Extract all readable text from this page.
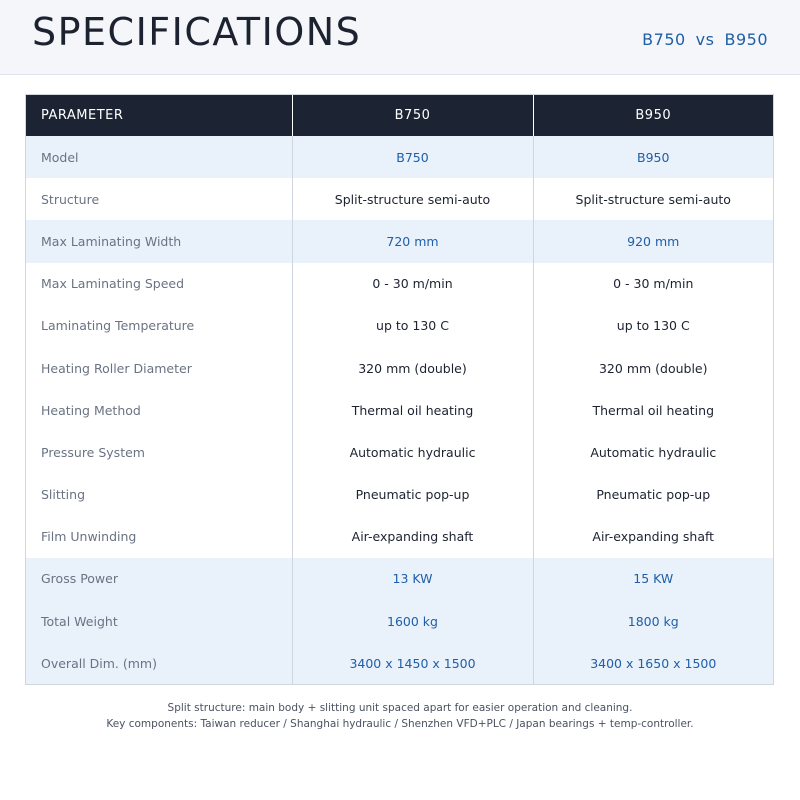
SPECIFICATIONS	B750 vs B950
PARAMETER	B750	B950
Model	B750	B950
Structure	Split-structure semi-auto	Split-structure semi-auto
Max Laminating Width	720 mm	920 mm
Max Laminating Speed	0 - 30 m/min	0 - 30 m/min
Laminating Temperature	up to 130 C	up to 130 C
Heating Roller Diameter	320 mm (double)	320 mm (double)
Heating Method	Thermal oil heating	Thermal oil heating
Pressure System	Automatic hydraulic	Automatic hydraulic
Slitting	Pneumatic pop-up	Pneumatic pop-up
Film Unwinding	Air-expanding shaft	Air-expanding shaft
Gross Power	13 KW	15 KW
Total Weight	1600 kg	1800 kg
Overall Dim. (mm)	3400 x 1450 x 1500	3400 x 1650 x 1500
Split structure: main body + slitting unit spaced apart for easier operation and cleaning.
Key components: Taiwan reducer / Shanghai hydraulic / Shenzhen VFD+PLC / Japan bearings + temp-controller.
